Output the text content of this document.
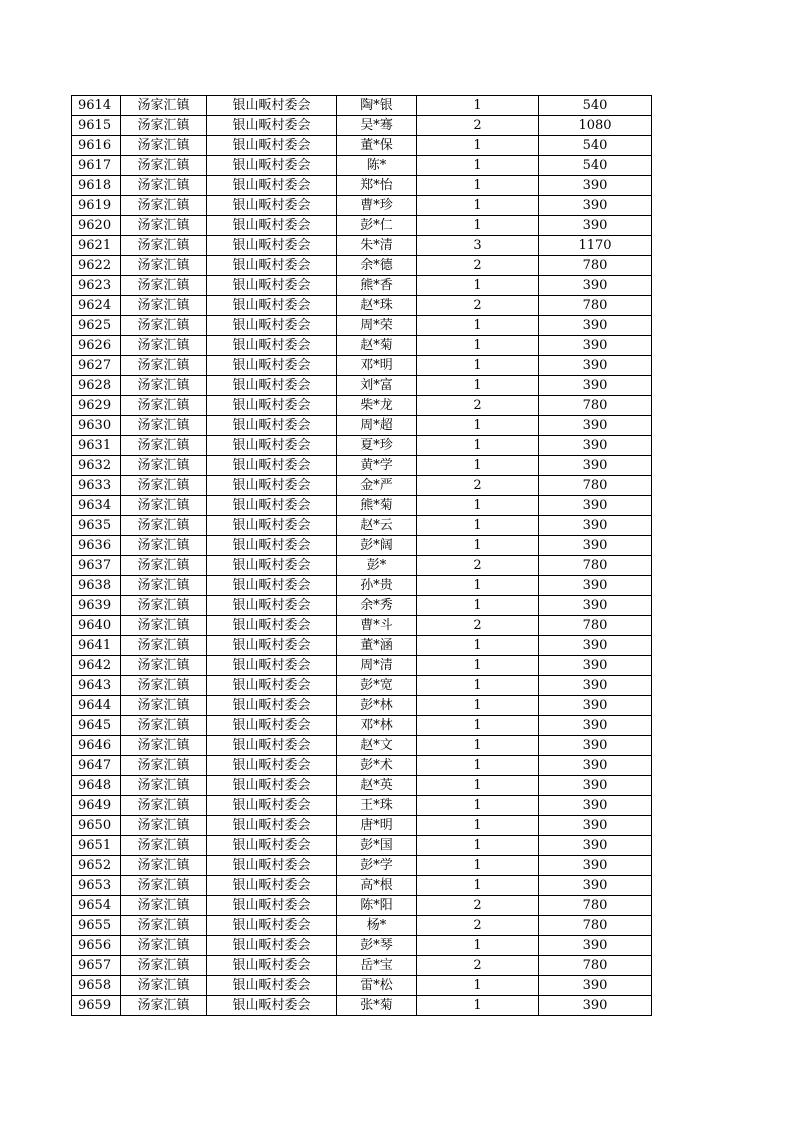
9614	汤家汇镇	银山畈村委会	陶*银	1	540
9615	汤家汇镇	银山畈村委会	吴*骞	2	1080
9616	汤家汇镇	银山畈村委会	董*保	1	540
9617	汤家汇镇	银山畈村委会	陈*	1	540
9618	汤家汇镇	银山畈村委会	郑*怡	1	390
9619	汤家汇镇	银山畈村委会	曹*珍	1	390
9620	汤家汇镇	银山畈村委会	彭*仁	1	390
9621	汤家汇镇	银山畈村委会	朱*清	3	1170
9622	汤家汇镇	银山畈村委会	余*德	2	780
9623	汤家汇镇	银山畈村委会	熊*香	1	390
9624	汤家汇镇	银山畈村委会	赵*珠	2	780
9625	汤家汇镇	银山畈村委会	周*荣	1	390
9626	汤家汇镇	银山畈村委会	赵*菊	1	390
9627	汤家汇镇	银山畈村委会	邓*明	1	390
9628	汤家汇镇	银山畈村委会	刘*富	1	390
9629	汤家汇镇	银山畈村委会	柴*龙	2	780
9630	汤家汇镇	银山畈村委会	周*超	1	390
9631	汤家汇镇	银山畈村委会	夏*珍	1	390
9632	汤家汇镇	银山畈村委会	黄*学	1	390
9633	汤家汇镇	银山畈村委会	金*严	2	780
9634	汤家汇镇	银山畈村委会	熊*菊	1	390
9635	汤家汇镇	银山畈村委会	赵*云	1	390
9636	汤家汇镇	银山畈村委会	彭*阔	1	390
9637	汤家汇镇	银山畈村委会	彭*	2	780
9638	汤家汇镇	银山畈村委会	孙*贵	1	390
9639	汤家汇镇	银山畈村委会	余*秀	1	390
9640	汤家汇镇	银山畈村委会	曹*斗	2	780
9641	汤家汇镇	银山畈村委会	董*涵	1	390
9642	汤家汇镇	银山畈村委会	周*清	1	390
9643	汤家汇镇	银山畈村委会	彭*宽	1	390
9644	汤家汇镇	银山畈村委会	彭*林	1	390
9645	汤家汇镇	银山畈村委会	邓*林	1	390
9646	汤家汇镇	银山畈村委会	赵*文	1	390
9647	汤家汇镇	银山畈村委会	彭*术	1	390
9648	汤家汇镇	银山畈村委会	赵*英	1	390
9649	汤家汇镇	银山畈村委会	王*珠	1	390
9650	汤家汇镇	银山畈村委会	唐*明	1	390
9651	汤家汇镇	银山畈村委会	彭*国	1	390
9652	汤家汇镇	银山畈村委会	彭*学	1	390
9653	汤家汇镇	银山畈村委会	高*根	1	390
9654	汤家汇镇	银山畈村委会	陈*阳	2	780
9655	汤家汇镇	银山畈村委会	杨*	2	780
9656	汤家汇镇	银山畈村委会	彭*琴	1	390
9657	汤家汇镇	银山畈村委会	岳*宝	2	780
9658	汤家汇镇	银山畈村委会	雷*松	1	390
9659	汤家汇镇	银山畈村委会	张*菊	1	390
